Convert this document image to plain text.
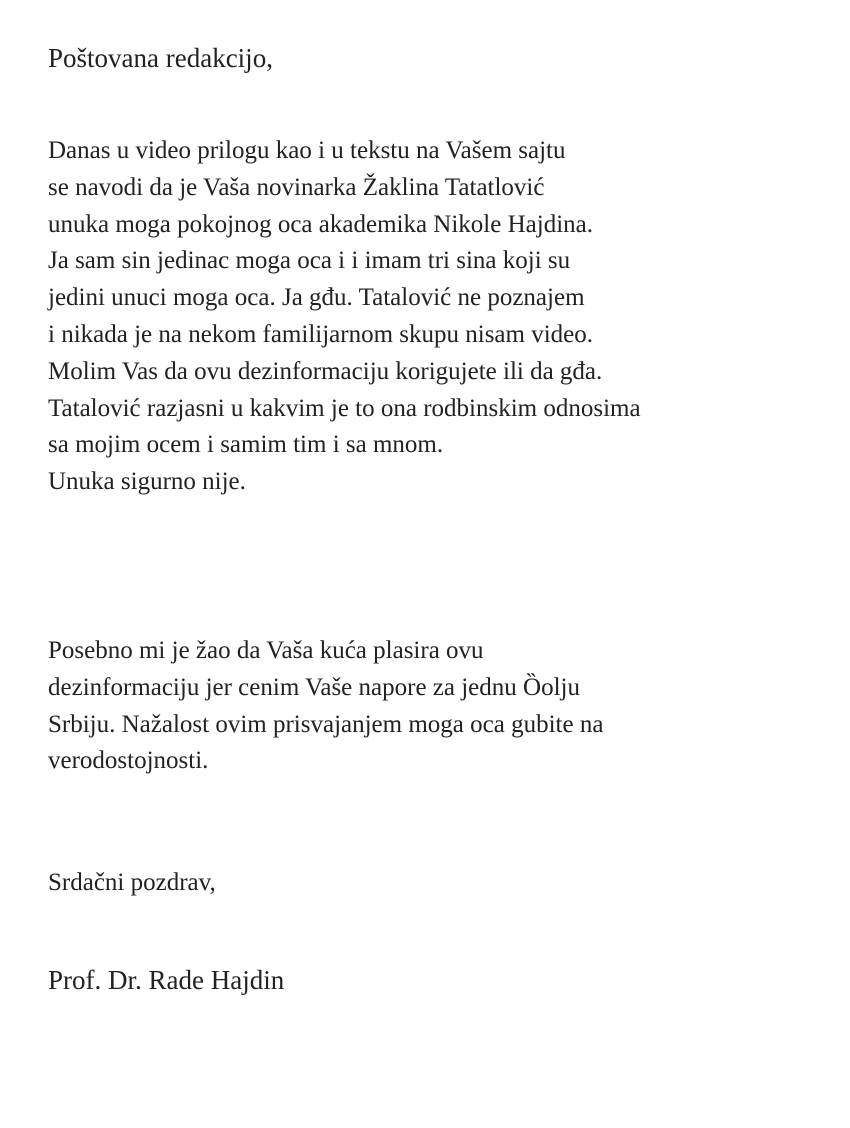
Poštovana redakcijo,

Danas u video prilogu kao i u tekstu na Vašem sajtu
se navodi da je Vaša novinarka Žaklina Tatatlović
unuka moga pokojnog oca akademika Nikole Hajdina.
Ja sam sin jedinac moga oca i i imam tri sina koji su
jedini unuci moga oca. Ja gđu. Tatalović ne poznajem
i nikada je na nekom familijarnom skupu nisam video.
Molim Vas da ovu dezinformaciju korigujete ili da gđa.
Tatalović razjasni u kakvim je to ona rodbinskim odnosima
sa mojim ocem i samim tim i sa mnom.
Unuka sigurno nije.

Posebno mi je žao da Vaša kuća plasira ovu
dezinformaciju jer cenim Vaše napore za jednu Ȍolju
Srbiju. Nažalost ovim prisvajanjem moga oca gubite na
verodostojnosti.

Srdačni pozdrav,

Prof. Dr. Rade Hajdin
